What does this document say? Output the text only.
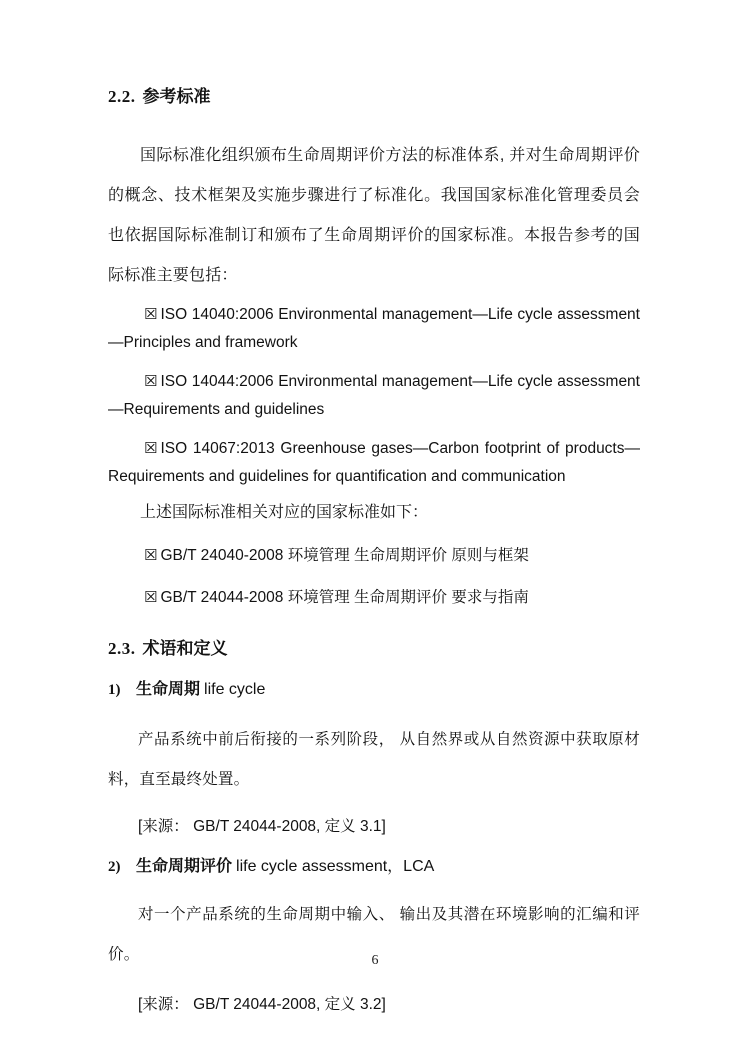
2.2. 参考标准

国际标准化组织颁布生命周期评价方法的标准体系, 并对生命周期评价的概念、技术框架及实施步骤进行了标准化。我国国家标准化管理委员会也依据国际标准制订和颁布了生命周期评价的国家标准。本报告参考的国际标准主要包括：

☒ ISO 14040:2006 Environmental management—Life cycle assessment—Principles and framework

☒ ISO 14044:2006 Environmental management—Life cycle assessment—Requirements and guidelines

☒ ISO 14067:2013 Greenhouse gases—Carbon footprint of products—Requirements and guidelines for quantification and communication

上述国际标准相关对应的国家标准如下：

☒ GB/T 24040-2008 环境管理 生命周期评价 原则与框架

☒ GB/T 24044-2008 环境管理 生命周期评价 要求与指南

2.3. 术语和定义

1) 生命周期 life cycle

产品系统中前后衔接的一系列阶段， 从自然界或从自然资源中获取原材料，直至最终处置。

[来源： GB/T 24044-2008, 定义 3.1]

2) 生命周期评价 life cycle assessment，LCA

对一个产品系统的生命周期中输入、 输出及其潜在环境影响的汇编和评价。

[来源： GB/T 24044-2008, 定义 3.2]

6
